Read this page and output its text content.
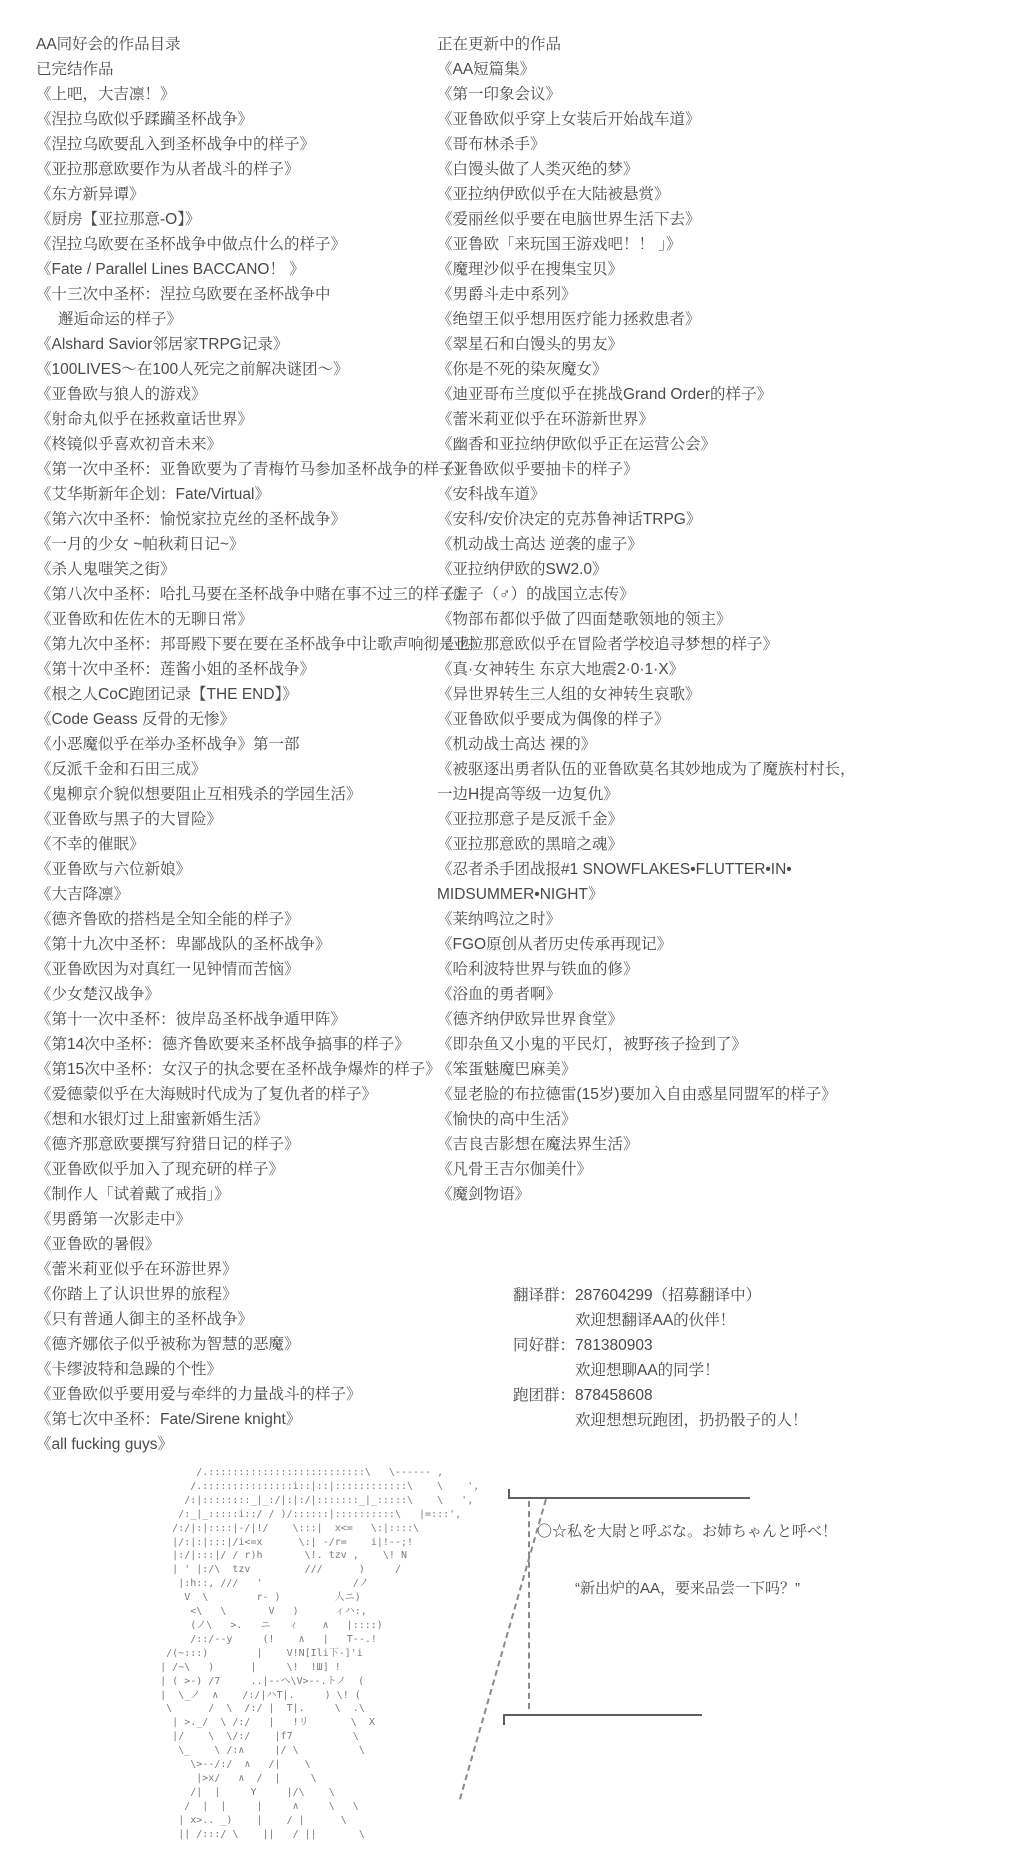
AA同好会的作品目录
已完结作品
《上吧，大吉凛！》
《涅拉乌欧似乎蹂躏圣杯战争》
《涅拉乌欧要乱入到圣杯战争中的样子》
《亚拉那意欧要作为从者战斗的样子》
《东方新异谭》
《厨房【亚拉那意-O】》
《涅拉乌欧要在圣杯战争中做点什么的样子》
《Fate / Parallel Lines BACCANO！ 》
《十三次中圣杯：涅拉乌欧要在圣杯战争中
邂逅命运的样子》
《Alshard Savior邻居家TRPG记录》
《100LIVES～在100人死完之前解决谜团～》
《亚鲁欧与狼人的游戏》
《射命丸似乎在拯救童话世界》
《柊镜似乎喜欢初音未来》
《第一次中圣杯：亚鲁欧要为了青梅竹马参加圣杯战争的样子》
《艾华斯新年企划：Fate/Virtual》
《第六次中圣杯：愉悦家拉克丝的圣杯战争》
《一月的少女 ~帕秋莉日记~》
《杀人鬼嗤笑之街》
《第八次中圣杯：哈扎马要在圣杯战争中赌在事不过三的样子》
《亚鲁欧和佐佐木的无聊日常》
《第九次中圣杯：邦哥殿下要在要在圣杯战争中让歌声响彻是也》
《第十次中圣杯：莲酱小姐的圣杯战争》
《根之人CoC跑团记录【THE END】》
《Code Geass 反骨的无惨》
《小恶魔似乎在举办圣杯战争》第一部
《反派千金和石田三成》
《鬼柳京介貌似想要阻止互相残杀的学园生活》
《亚鲁欧与黑子的大冒险》
《不幸的催眠》
《亚鲁欧与六位新娘》
《大吉降凛》
《德齐鲁欧的搭档是全知全能的样子》
《第十九次中圣杯：卑鄙战队的圣杯战争》
《亚鲁欧因为对真红一见钟情而苦恼》
《少女楚汉战争》
《第十一次中圣杯：彼岸岛圣杯战争遁甲阵》
《第14次中圣杯：德齐鲁欧要来圣杯战争搞事的样子》
《第15次中圣杯：女汉子的执念要在圣杯战争爆炸的样子》
《爱德蒙似乎在大海贼时代成为了复仇者的样子》
《想和水银灯过上甜蜜新婚生活》
《德齐那意欧要撰写狩猎日记的样子》
《亚鲁欧似乎加入了现充研的样子》
《制作人「试着戴了戒指」》
《男爵第一次影走中》
《亚鲁欧的暑假》
《蕾米莉亚似乎在环游世界》
《你踏上了认识世界的旅程》
《只有普通人御主的圣杯战争》
《德齐娜依子似乎被称为智慧的恶魔》
《卡缪波特和急躁的个性》
《亚鲁欧似乎要用爱与牵绊的力量战斗的样子》
《第七次中圣杯：Fate/Sirene knight》
《all fucking guys》
正在更新中的作品
《AA短篇集》
《第一印象会议》
《亚鲁欧似乎穿上女装后开始战车道》
《哥布林杀手》
《白馒头做了人类灭绝的梦》
《亚拉纳伊欧似乎在大陆被悬赏》
《爱丽丝似乎要在电脑世界生活下去》
《亚鲁欧「来玩国王游戏吧！！ 」》
《魔理沙似乎在搜集宝贝》
《男爵斗走中系列》
《绝望王似乎想用医疗能力拯救患者》
《翠星石和白馒头的男友》
《你是不死的染灰魔女》
《迪亚哥布兰度似乎在挑战Grand Order的样子》
《蕾米莉亚似乎在环游新世界》
《幽香和亚拉纳伊欧似乎正在运营公会》
《亚鲁欧似乎要抽卡的样子》
《安科战车道》
《安科/安价决定的克苏鲁神话TRPG》
《机动战士高达 逆袭的虚子》
《亚拉纳伊欧的SW2.0》
《虚子（♂）的战国立志传》
《物部布都似乎做了四面楚歌领地的领主》
《亚拉那意欧似乎在冒险者学校追寻梦想的样子》
《真·女神转生 东京大地震2·0·1·X》
《异世界转生三人组的女神转生哀歌》
《亚鲁欧似乎要成为偶像的样子》
《机动战士高达 裸的》
《被驱逐出勇者队伍的亚鲁欧莫名其妙地成为了魔族村村长，
一边H提高等级一边复仇》
《亚拉那意子是反派千金》
《亚拉那意欧的黑暗之魂》
《忍者杀手团战报#1 SNOWFLAKES•FLUTTER•IN•
MIDSUMMER•NIGHT》
《莱纳鸣泣之时》
《FGO原创从者历史传承再现记》
《哈利波特世界与铁血的修》
《浴血的勇者啊》
《德齐纳伊欧异世界食堂》
《即杂鱼又小鬼的平民灯，被野孩子捡到了》
《笨蛋魅魔巴麻美》
《显老脸的布拉德雷(15岁)要加入自由惑星同盟军的样子》
《愉快的高中生活》
《吉良吉影想在魔法界生活》
《凡骨王吉尔伽美什》
《魔剑物语》
翻译群：287604299（招募翻译中）
欢迎想翻译AA的伙伴！
同好群：781380903
欢迎想聊AA的同学！
跑团群：878458608
欢迎想想玩跑团，扔扔骰子的人！
/.::::::::::::::::::::::::::\   \------ ,
/.:::::::::::::::i::|::|::::::::::::\    \    ',
/:|::::::::_|_:/|:|:/|:::::::_|_:::::\    \   ',
/:_|_:::::i::/ / )/::::::|::::::::::\   |=:::',
/:/|:|::::|-/|!/    \:::|  x<=   \:|::::\
|/:|:|:::|/i<=x      \:| -/r=    i|!--;!
|:/|:::|/ / r)h       \!. tzv ,    \! N
| ' |:/\  tzv         ///      )     /
|:h::, ///   '               /ノ
V  \        r- )         人ニ)
<\   \       V   )      ィハ:,
(ノ\   >.   ニ   ィ    ∧   |::::)
/::/--y     (!    ∧   |   T--.!
/(~:::)        |    V!N[Ili下-]'i
| /~\   )      |     \!  !Ш] !
| ( >-) /7     ..|--ヘ\V>--.トノ  (
|  \_ノ  ∧    /:/|ハT|.     ) \! (
\      /  \  /:/ |  T|.     \  .\
| >._/  \ /:/   |   !リ       \  X
|/    \  \/:/    |f7          \
\_    \ /:∧     |/ \          \
\>--/:/  ∧   /|    \
|>x/   ∧  /  |     \
/|  |     Y     |/\    \
/  |  |     |     ∧     \   \
| x>.. _)    |    / |      \
|| /:::/ \    ||   / ||       \
〇☆私を大尉と呼ぶな。お姉ちゃんと呼べ！
“新出炉的AA，要来品尝一下吗？”
